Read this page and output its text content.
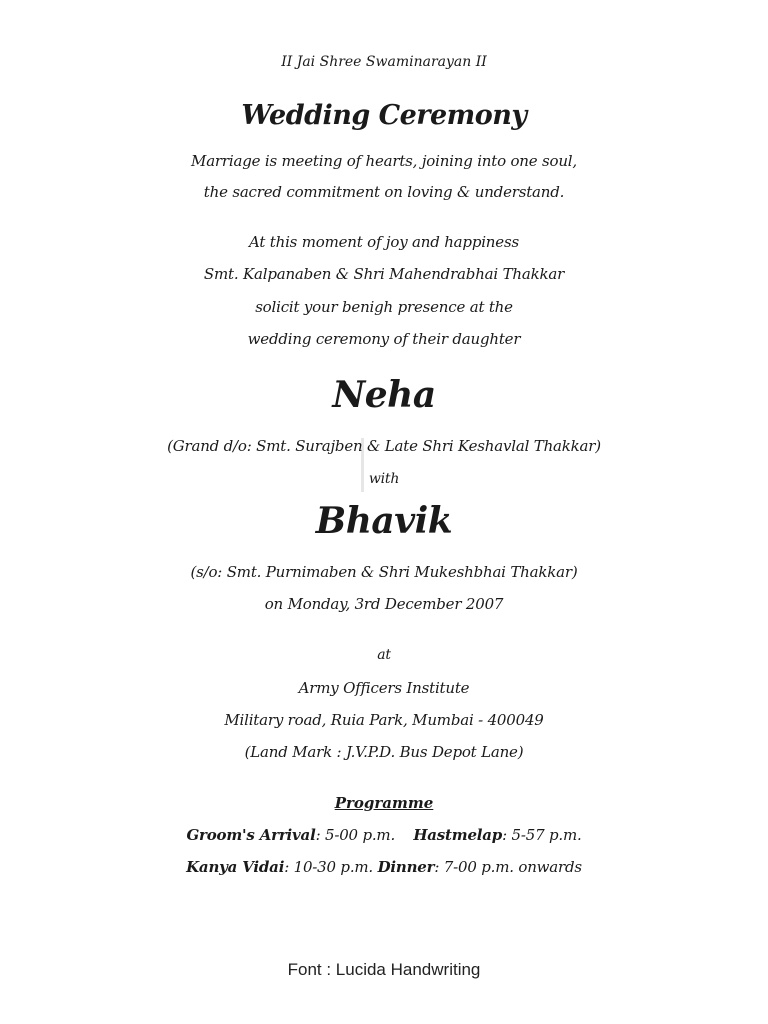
II Jai Shree Swaminarayan II
Wedding Ceremony
Marriage is meeting of hearts, joining into one soul,
the sacred commitment on loving & understand.
At this moment of joy and happiness
Smt. Kalpanaben & Shri Mahendrabhai Thakkar
solicit your benigh presence at the
wedding ceremony of their daughter
Neha
(Grand d/o: Smt. Surajben & Late Shri Keshavlal Thakkar)
with
Bhavik
(s/o: Smt. Purnimaben & Shri Mukeshbhai Thakkar)
on Monday, 3rd December 2007
at
Army Officers Institute
Military road, Ruia Park, Mumbai - 400049
(Land Mark : J.V.P.D. Bus Depot Lane)
Programme
Groom's Arrival: 5-00 p.m. Hastmelap: 5-57 p.m.
Kanya Vidai: 10-30 p.m. Dinner: 7-00 p.m. onwards
Font : Lucida Handwriting
